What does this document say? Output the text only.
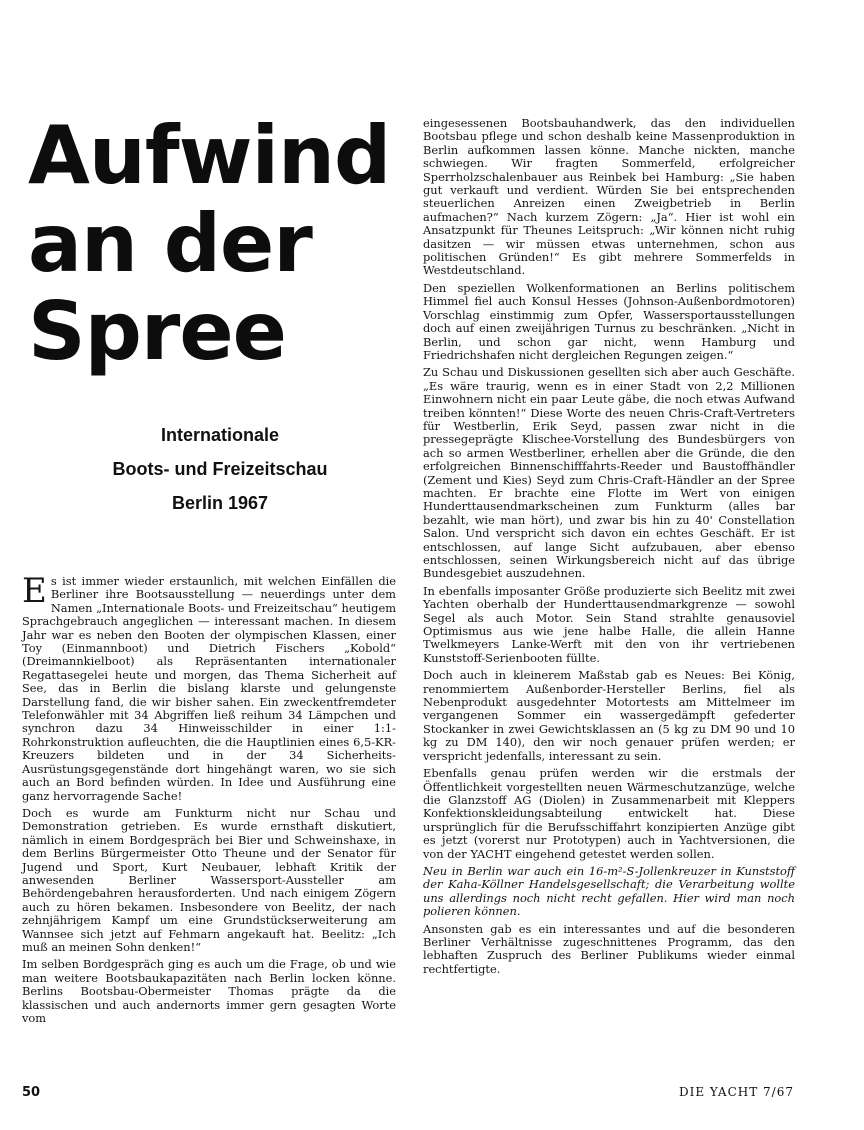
Aufwind
an der
Spree
Internationale
Boots- und Freizeitschau
Berlin 1967

Es ist immer wieder erstaunlich, mit welchen Einfällen die Berliner ihre Bootsausstellung — neuerdings unter dem Namen „Internationale Boots- und Freizeitschau“ heutigem Sprachgebrauch angeglichen — interessant machen. In diesem Jahr war es neben den Booten der olympischen Klassen, einer Toy (Einmannboot) und Dietrich Fischers „Kobold“ (Dreimannkielboot) als Repräsentanten internationaler Regattasegelei heute und morgen, das Thema Sicherheit auf See, das in Berlin die bislang klarste und gelungenste Darstellung fand, die wir bisher sahen. Ein zweckentfremdeter Telefonwähler mit 34 Abgriffen ließ reihum 34 Lämpchen und synchron dazu 34 Hinweisschilder in einer 1:1-Rohrkonstruktion aufleuchten, die die Hauptlinien eines 6,5-KR-Kreuzers bildeten und in der 34 Sicherheits-Ausrüstungsgegenstände dort hingehängt waren, wo sie sich auch an Bord befinden würden. In Idee und Ausführung eine ganz hervorragende Sache!

Doch es wurde am Funkturm nicht nur Schau und Demonstration getrieben. Es wurde ernsthaft diskutiert, nämlich in einem Bordgespräch bei Bier und Schweinshaxe, in dem Berlins Bürgermeister Otto Theune und der Senator für Jugend und Sport, Kurt Neubauer, lebhaft Kritik der anwesenden Berliner Wassersport-Aussteller am Behördengebahren herausforderten. Und nach einigem Zögern auch zu hören bekamen. Insbesondere von Beelitz, der nach zehnjährigem Kampf um eine Grundstückserweiterung am Wannsee sich jetzt auf Fehmarn angekauft hat. Beelitz: „Ich muß an meinen Sohn denken!“

Im selben Bordgespräch ging es auch um die Frage, ob und wie man weitere Bootsbaukapazitäten nach Berlin locken könne. Berlins Bootsbau-Obermeister Thomas prägte da die klassischen und auch andernorts immer gern gesagten Worte vom

eingesessenen Bootsbauhandwerk, das den individuellen Bootsbau pflege und schon deshalb keine Massenproduktion in Berlin aufkommen lassen könne. Manche nickten, manche schwiegen. Wir fragten Sommerfeld, erfolgreicher Sperrholzschalenbauer aus Reinbek bei Hamburg: „Sie haben gut verkauft und verdient. Würden Sie bei entsprechenden steuerlichen Anreizen einen Zweigbetrieb in Berlin aufmachen?“ Nach kurzem Zögern: „Ja“. Hier ist wohl ein Ansatzpunkt für Theunes Leitspruch: „Wir können nicht ruhig dasitzen — wir müssen etwas unternehmen, schon aus politischen Gründen!“ Es gibt mehrere Sommerfelds in Westdeutschland.

Den speziellen Wolkenformationen an Berlins politischem Himmel fiel auch Konsul Hesses (Johnson-Außenbordmotoren) Vorschlag einstimmig zum Opfer, Wassersportausstellungen doch auf einen zweijährigen Turnus zu beschränken. „Nicht in Berlin, und schon gar nicht, wenn Hamburg und Friedrichshafen nicht dergleichen Regungen zeigen.“

Zu Schau und Diskussionen gesellten sich aber auch Geschäfte. „Es wäre traurig, wenn es in einer Stadt von 2,2 Millionen Einwohnern nicht ein paar Leute gäbe, die noch etwas Aufwand treiben könnten!“ Diese Worte des neuen Chris-Craft-Vertreters für Westberlin, Erik Seyd, passen zwar nicht in die pressegeprägte Klischee-Vorstellung des Bundesbürgers von ach so armen Westberliner, erhellen aber die Gründe, die den erfolgreichen Binnenschifffahrts-Reeder und Baustoffhändler (Zement und Kies) Seyd zum Chris-Craft-Händler an der Spree machten. Er brachte eine Flotte im Wert von einigen Hunderttausendmarkscheinen zum Funkturm (alles bar bezahlt, wie man hört), und zwar bis hin zu 40' Constellation Salon. Und verspricht sich davon ein echtes Geschäft. Er ist entschlossen, auf lange Sicht aufzubauen, aber ebenso entschlossen, seinen Wirkungsbereich nicht auf das übrige Bundesgebiet auszudehnen.

In ebenfalls imposanter Größe produzierte sich Beelitz mit zwei Yachten oberhalb der Hunderttausendmarkgrenze — sowohl Segel als auch Motor. Sein Stand strahlte genausoviel Optimismus aus wie jene halbe Halle, die allein Hanne Twelkmeyers Lanke-Werft mit den von ihr vertriebenen Kunststoff-Serienbooten füllte.

Doch auch in kleinerem Maßstab gab es Neues: Bei König, renommiertem Außenborder-Hersteller Berlins, fiel als Nebenprodukt ausgedehnter Motortests am Mittelmeer im vergangenen Sommer ein wassergedämpft gefederter Stockanker in zwei Gewichtsklassen an (5 kg zu DM 90 und 10 kg zu DM 140), den wir noch genauer prüfen werden; er verspricht jedenfalls, interessant zu sein.

Ebenfalls genau prüfen werden wir die erstmals der Öffentlichkeit vorgestellten neuen Wärmeschutzanzüge, welche die Glanzstoff AG (Diolen) in Zusammenarbeit mit Kleppers Konfektionskleidungsabteilung entwickelt hat. Diese ursprünglich für die Berufsschiffahrt konzipierten Anzüge gibt es jetzt (vorerst nur Prototypen) auch in Yachtversionen, die von der YACHT eingehend getestet werden sollen.

Neu in Berlin war auch ein 16-m²-S-Jollenkreuzer in Kunststoff der Kaha-Köllner Handelsgesellschaft; die Verarbeitung wollte uns allerdings noch nicht recht gefallen. Hier wird man noch polieren können.

Ansonsten gab es ein interessantes und auf die besonderen Berliner Verhältnisse zugeschnittenes Programm, das den lebhaften Zuspruch des Berliner Publikums wieder einmal rechtfertigte.

50	DIE YACHT 7/67
